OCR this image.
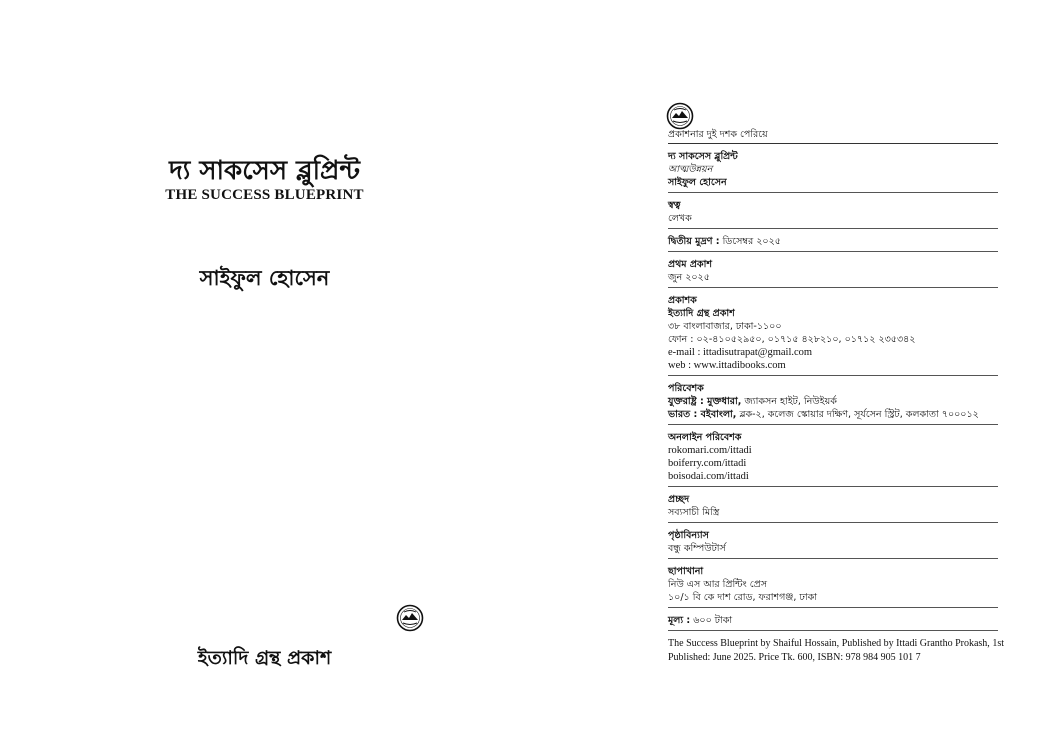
দ্য সাকসেস ব্লুপ্রিন্ট
THE SUCCESS BLUEPRINT
সাইফুল হোসেন
ইত্যাদি গ্রন্থ প্রকাশ
প্রকাশনার দুই দশক পেরিয়ে
দ্য সাকসেস ব্লুপ্রিন্ট
আত্মউন্নয়ন
সাইফুল হোসেন
স্বত্ব
লেখক
দ্বিতীয় মুদ্রণ : ডিসেম্বর ২০২৫
প্রথম প্রকাশ
জুন ২০২৫
প্রকাশক
ইত্যাদি গ্রন্থ প্রকাশ
৩৮ বাংলাবাজার, ঢাকা-১১০০
ফোন : ০২-৪১০৫২৯৫০, ০১৭১৫ ৪২৮২১০, ০১৭১২ ২৩৫৩৪২
e-mail : ittadisutrapat@gmail.com
web : www.ittadibooks.com
পরিবেশক
যুক্তরাষ্ট্র : মুক্তধারা, জ্যাকসন হাইট, নিউইয়র্ক
ভারত : বইবাংলা, ব্লক-২, কলেজ স্কোয়ার দক্ষিণ, সূর্যসেন স্ট্রিট, কলকাতা ৭০০০১২
অনলাইন পরিবেশক
rokomari.com/ittadi
boiferry.com/ittadi
boisodai.com/ittadi
প্রচ্ছদ
সব্যসাচী মিস্ত্রি
পৃষ্ঠাবিন্যাস
বন্ধু কম্পিউটার্স
ছাপাখানা
নিউ এস আর প্রিন্টিং প্রেস
১০/১ বি কে দাশ রোড, ফরাশগঞ্জ, ঢাকা
মূল্য : ৬০০ টাকা
The Success Blueprint by Shaiful Hossain, Published by Ittadi Grantho Prokash, 1st Published: June 2025. Price Tk. 600, ISBN: 978 984 905 101 7
